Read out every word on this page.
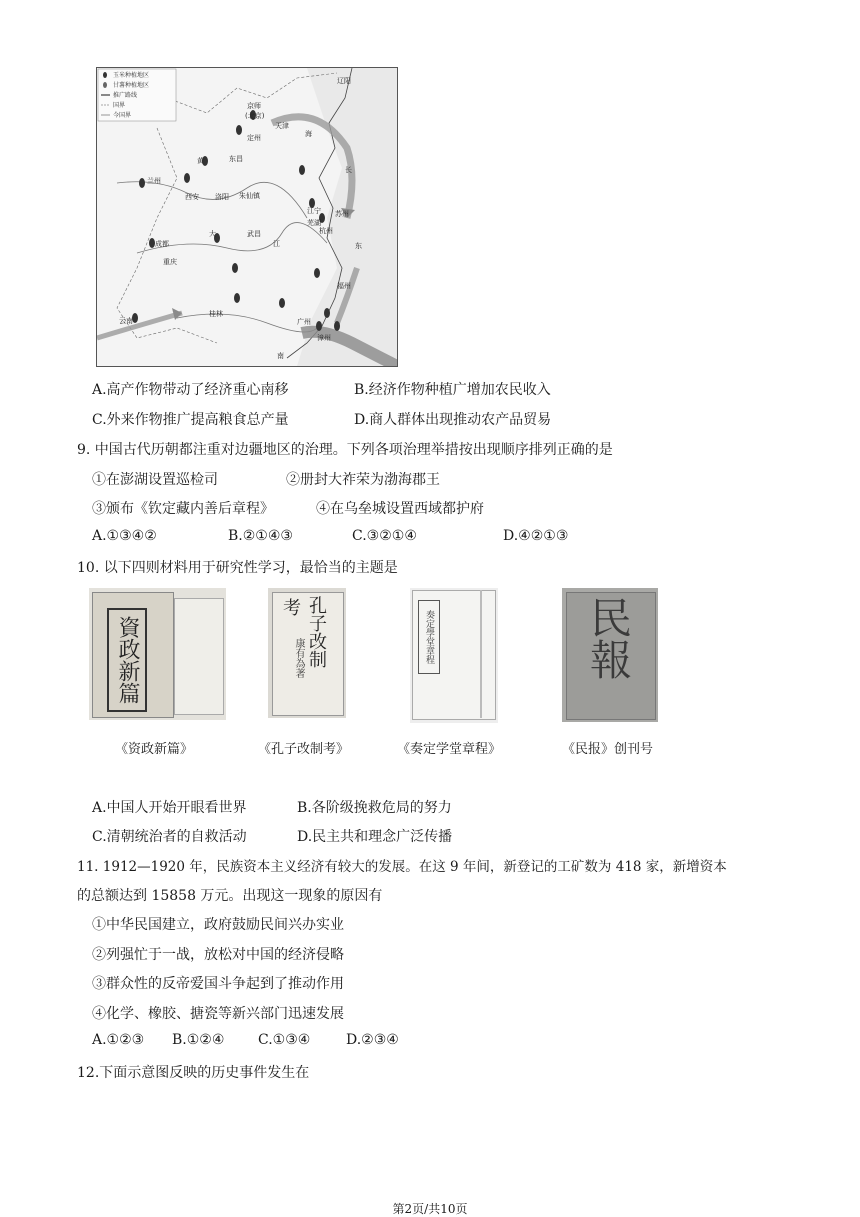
玉米种植地区
甘薯种植地区
推广路线
国界
今国界
京师
(北京)
辽阳
天津
定州
东昌
海
黄
兰州
西安 洛阳 朱仙镇
成都
重庆
武昌
江宁 苏州
杭州
芜湖
福州
桂林
广州
云南
南
东
江
漳州
大
长
A.高产作物带动了经济重心南移	B.经济作物种植广增加农民收入
C.外来作物推广提高粮食总产量	D.商人群体出现推动农产品贸易
9. 中国古代历朝都注重对边疆地区的治理。下列各项治理举措按出现顺序排列正确的是
①在澎湖设置巡检司	②册封大祚荣为渤海郡王
③颁布《钦定藏内善后章程》	④在乌垒城设置西域都护府
A.①③④②	B.②①④③	C.③②①④	D.④②①③
10. 以下四则材料用于研究性学习，最恰当的主题是
資政新篇	孔子改制
考
康有為著	奏定學堂章程	民報
《资政新篇》	《孔子改制考》	《奏定学堂章程》	《民报》创刊号
A.中国人开始开眼看世界	B.各阶级挽救危局的努力
C.清朝统治者的自救活动	D.民主共和理念广泛传播
11. 1912—1920 年，民族资本主义经济有较大的发展。在这 9 年间，新登记的工矿数为 418 家，新增资本
的总额达到 15858 万元。出现这一现象的原因有
①中华民国建立，政府鼓励民间兴办实业
②列强忙于一战，放松对中国的经济侵略
③群众性的反帝爱国斗争起到了推动作用
④化学、橡胶、搪瓷等新兴部门迅速发展
A.①②③ B.①②④ C.①③④	D.②③④
12.下面示意图反映的历史事件发生在
第2页/共10页
